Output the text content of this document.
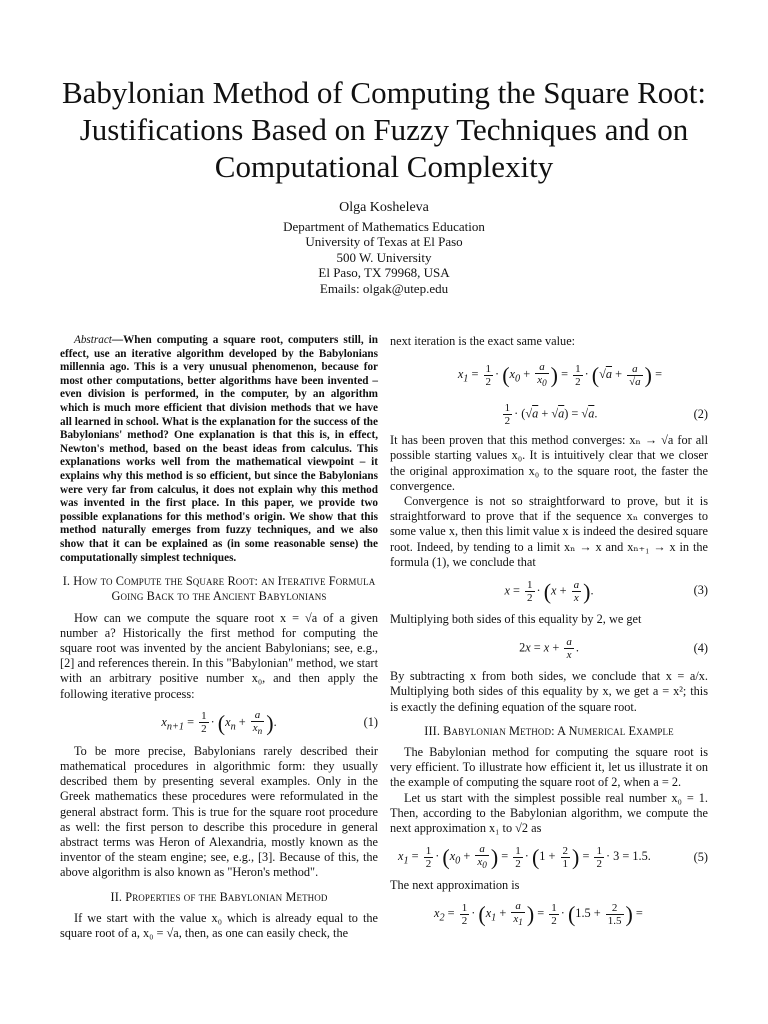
Babylonian Method of Computing the Square Root: Justifications Based on Fuzzy Techniques and on Computational Complexity
Olga Kosheleva
Department of Mathematics Education
University of Texas at El Paso
500 W. University
El Paso, TX 79968, USA
Emails: olgak@utep.edu

Abstract—When computing a square root, computers still, in effect, use an iterative algorithm developed by the Babylonians millennia ago. This is a very unusual phenomenon, because for most other computations, better algorithms have been invented – even division is performed, in the computer, by an algorithm which is much more efficient that division methods that we have all learned in school. What is the explanation for the success of the Babylonians' method? One explanation is that this is, in effect, Newton's method, based on the beast ideas from calculus. This explanations works well from the mathematical viewpoint – it explains why this method is so efficient, but since the Babylonians were very far from calculus, it does not explain why this method was invented in the first place. In this paper, we provide two possible explanations for this method's origin. We show that this method naturally emerges from fuzzy techniques, and we also show that it can be explained as (in some reasonable sense) the computationally simplest techniques.

I. How to Compute the Square Root: an Iterative Formula Going Back to the Ancient Babylonians

How can we compute the square root x = √a of a given number a? Historically the first method for computing the square root was invented by the ancient Babylonians; see, e.g., [2] and references therein. In this "Babylonian" method, we start with an arbitrary positive number x₀, and then apply the following iterative process:

$x_{n+1} = \frac{1}{2} \cdot (x_n + \frac{a}{x_n}$ ).	(1)

To be more precise, Babylonians rarely described their mathematical procedures in algorithmic form: they usually described them by presenting several examples. Only in the Greek mathematics these procedures were reformulated in the general abstract form. This is true for the square root procedure as well: the first person to describe this procedure in general abstract terms was Heron of Alexandria, mostly known as the inventor of the steam engine; see, e.g., [3]. Because of this, the above algorithm is also known as "Heron's method".

II. Properties of the Babylonian Method

If we start with the value x₀ which is already equal to the square root of a, x₀ = √a, then, as one can easily check, the

next iteration is the exact same value:

$x_1 = \frac{1}{2} \cdot (x_0 + \frac{a}{x_0}$ ) = $\frac{1}{2} \cdot (√a + \frac{a}{√a}$ ) =
$\frac{1}{2} \cdot (√a + √a) = √a$.	(2)

It has been proven that this method converges: xₙ → √a for all possible starting values x₀. It is intuitively clear that we closer the original approximation x₀ to the square root, the faster the convergence.

Convergence is not so straightforward to prove, but it is straightforward to prove that if the sequence xₙ converges to some value x, then this limit value x is indeed the desired square root. Indeed, by tending to a limit xₙ → x and xₙ₊₁ → x in the formula (1), we conclude that

$x = \frac{1}{2} \cdot (x + \frac{a}{x}$ ).	(3)

Multiplying both sides of this equality by 2, we get

$2x = x + \frac{a}{x}$ .	(4)

By subtracting x from both sides, we conclude that x = a/x. Multiplying both sides of this equality by x, we get a = x²; this is exactly the defining equation of the square root.

III. Babylonian Method: A Numerical Example

The Babylonian method for computing the square root is very efficient. To illustrate how efficient it, let us illustrate it on the example of computing the square root of 2, when a = 2.

Let us start with the simplest possible real number x₀ = 1. Then, according to the Babylonian algorithm, we compute the next approximation x₁ to √2 as

$x_1 = \frac{1}{2} \cdot (x_0 + \frac{a}{x_0}$ ) = $\frac{1}{2} \cdot (1 + \frac{2}{1}$ ) = $\frac{1}{2} \cdot 3 = 1.5$.	(5)

The next approximation is

$x_2 = \frac{1}{2} \cdot (x_1 + \frac{a}{x_1}$ ) = $\frac{1}{2} \cdot (1.5 + \frac{2}{1.5}$ ) =
